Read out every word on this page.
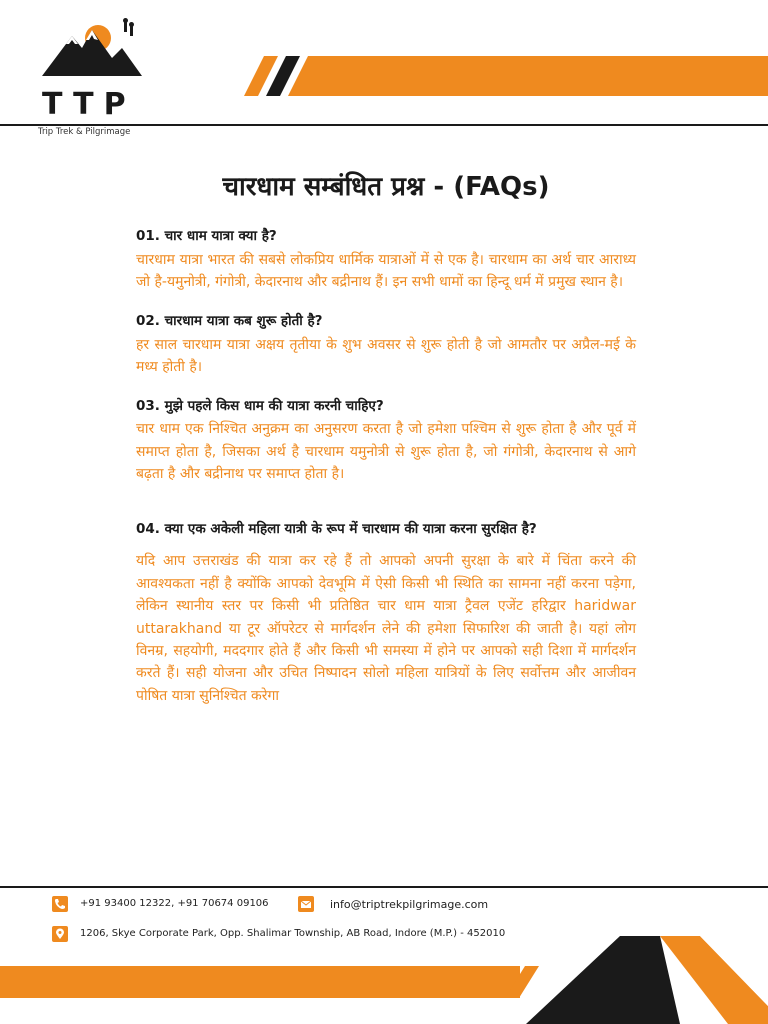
TTP
Trip Trek & Pilgrimage
चारधाम सम्बंधित प्रश्न - (FAQs)

01. चार धाम यात्रा क्या है?

चारधाम यात्रा भारत की सबसे लोकप्रिय धार्मिक यात्राओं में से एक है। चारधाम का अर्थ चार आराध्य जो है-यमुनोत्री, गंगोत्री, केदारनाथ और बद्रीनाथ हैं। इन सभी धामों का हिन्दू धर्म में प्रमुख स्थान है।

02. चारधाम यात्रा कब शुरू होती है?

हर साल चारधाम यात्रा अक्षय तृतीया के शुभ अवसर से शुरू होती है जो आमतौर पर अप्रैल-मई के मध्य होती है।

03. मुझे पहले किस धाम की यात्रा करनी चाहिए?

चार धाम एक निश्चित अनुक्रम का अनुसरण करता है जो हमेशा पश्चिम से शुरू होता है और पूर्व में समाप्त होता है, जिसका अर्थ है चारधाम यमुनोत्री से शुरू होता है, जो गंगोत्री, केदारनाथ से आगे बढ़ता है और बद्रीनाथ पर समाप्त होता है।

04. क्या एक अकेली महिला यात्री के रूप में चारधाम की यात्रा करना सुरक्षित है?

यदि आप उत्तराखंड की यात्रा कर रहे हैं तो आपको अपनी सुरक्षा के बारे में चिंता करने की आवश्यकता नहीं है क्योंकि आपको देवभूमि में ऐसी किसी भी स्थिति का सामना नहीं करना पड़ेगा, लेकिन स्थानीय स्तर पर किसी भी प्रतिष्ठित चार धाम यात्रा ट्रैवल एजेंट हरिद्वार haridwar uttarakhand या टूर ऑपरेटर से मार्गदर्शन लेने की हमेशा सिफारिश की जाती है। यहां लोग विनम्र, सहयोगी, मददगार होते हैं और किसी भी समस्या में होने पर आपको सही दिशा में मार्गदर्शन करते हैं। सही योजना और उचित निष्पादन सोलो महिला यात्रियों के लिए सर्वोत्तम और आजीवन पोषित यात्रा सुनिश्चित करेगा

+91 93400 12322, +91 70674 09106	info@triptrekpilgrimage.com
1206, Skye Corporate Park, Opp. Shalimar Township, AB Road, Indore (M.P.) - 452010
